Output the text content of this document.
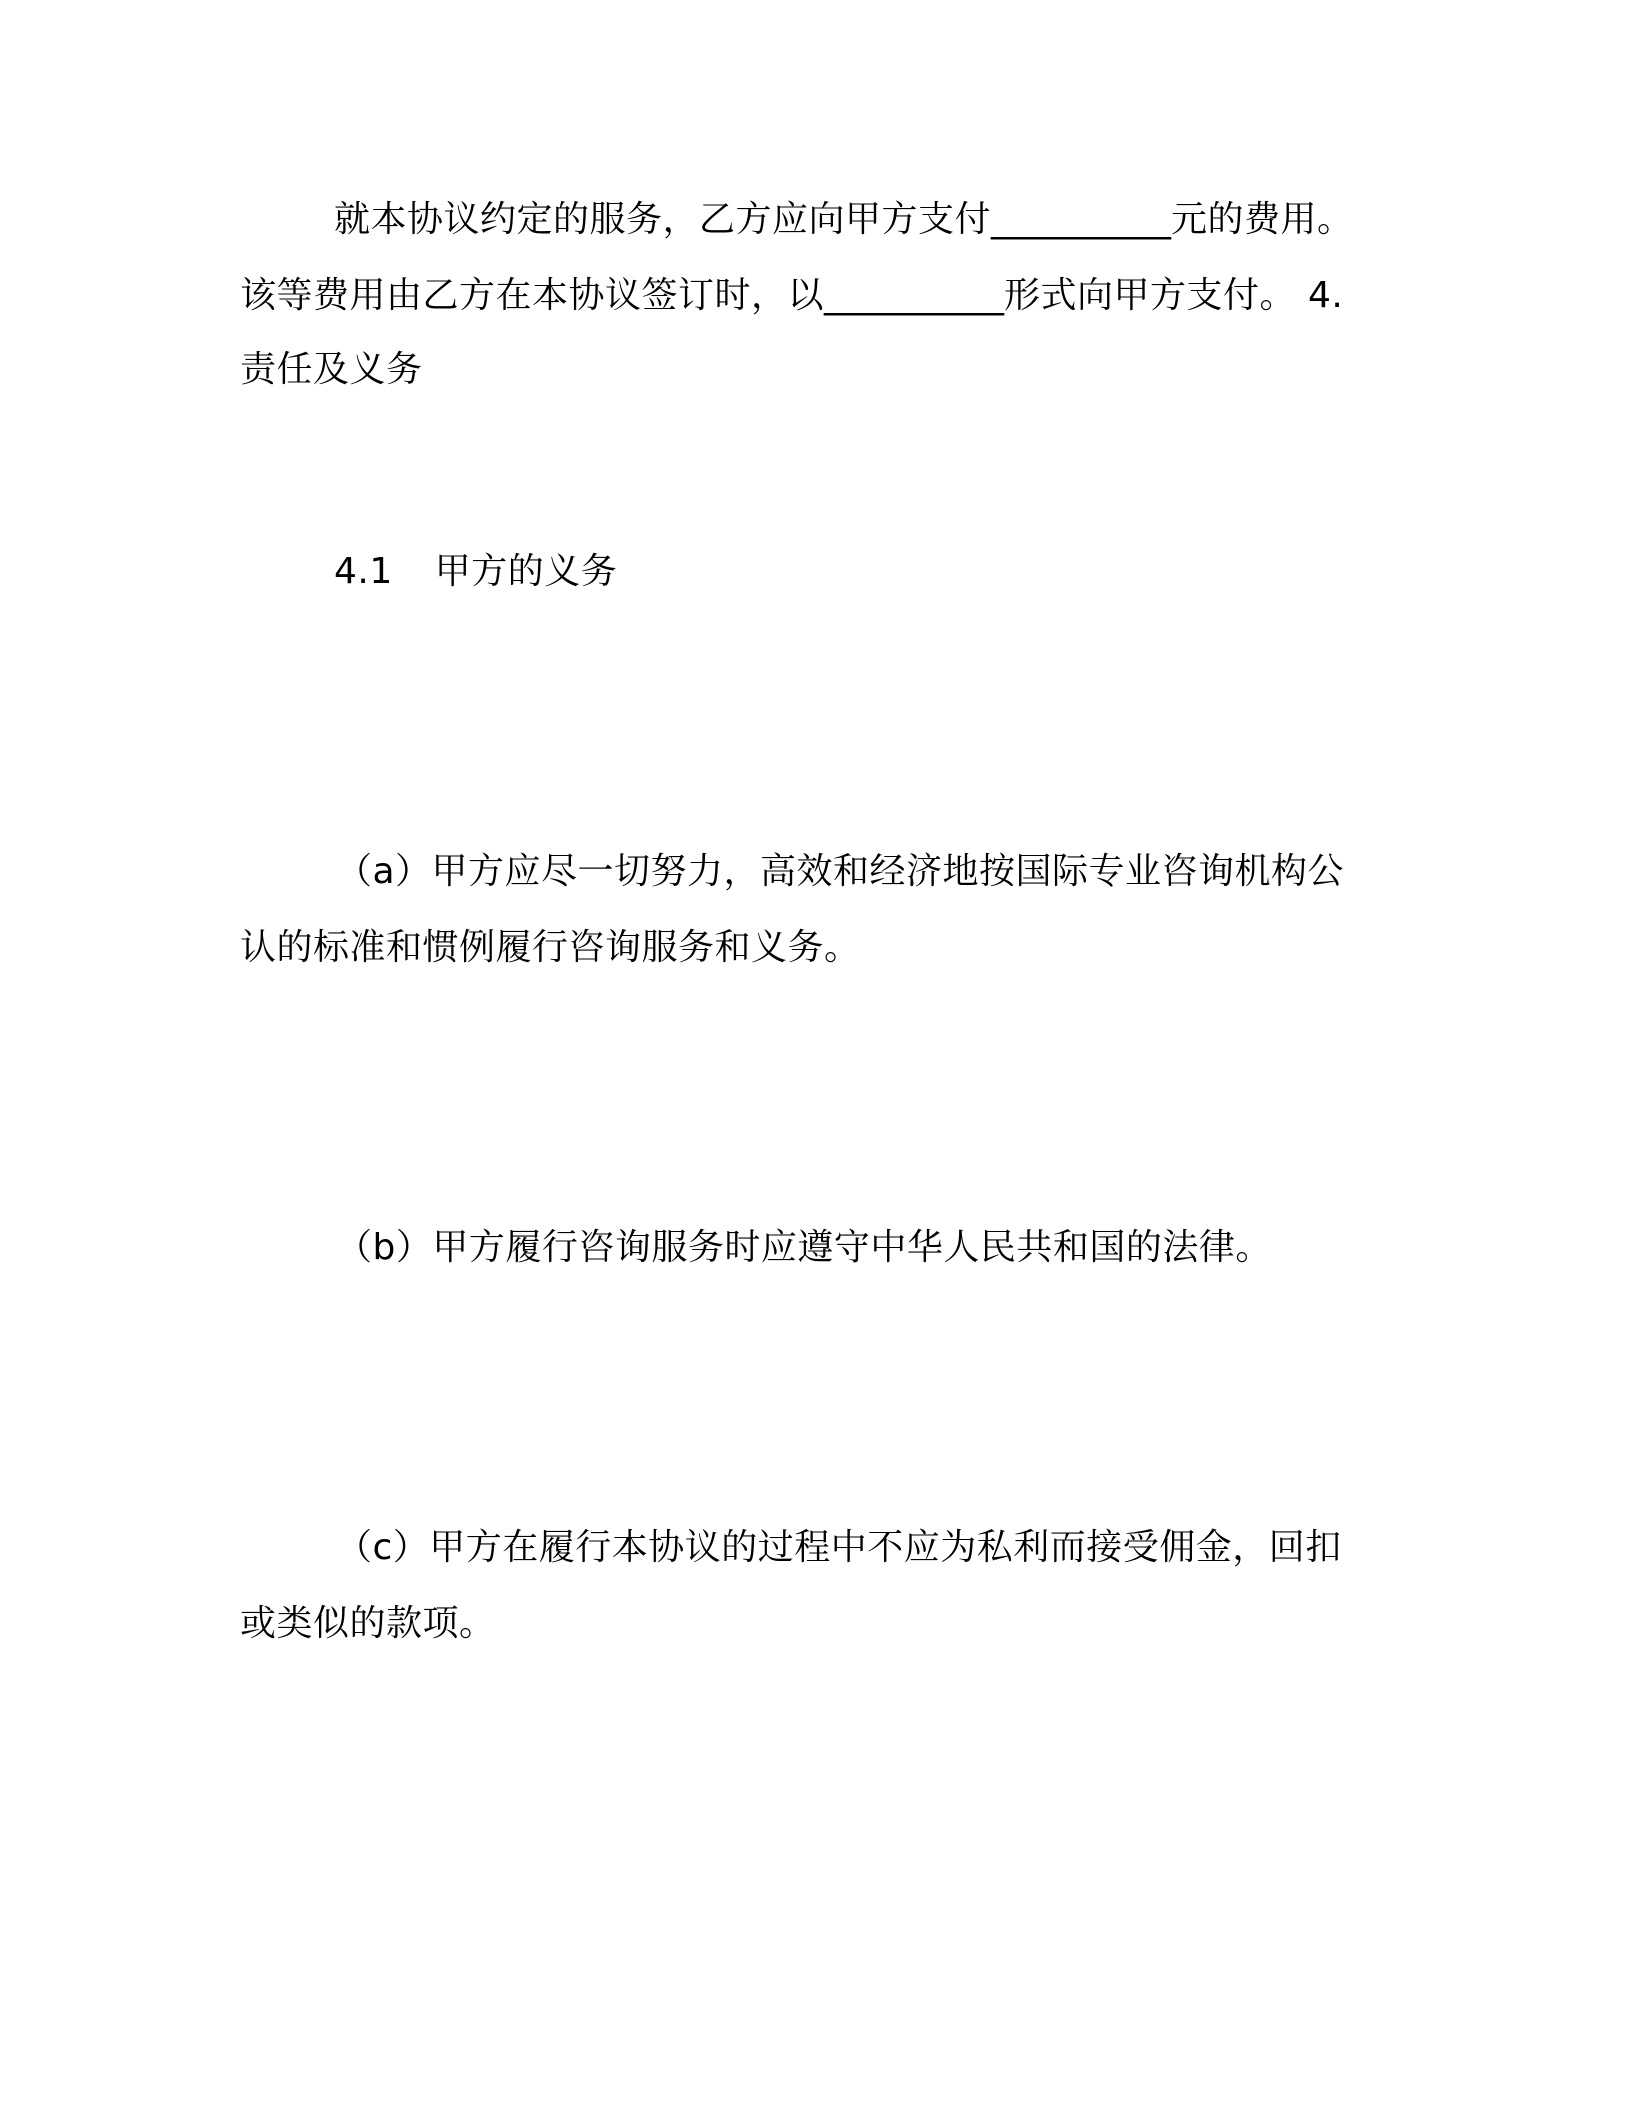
就本协议约定的服务，乙方应向甲方支付__________元的费用。
该等费用由乙方在本协议签订时，以__________形式向甲方支付。 4.
责任及义务
4.1 甲方的义务
（a）甲方应尽一切努力，高效和经济地按国际专业咨询机构公
认的标准和惯例履行咨询服务和义务。
（b）甲方履行咨询服务时应遵守中华人民共和国的法律。
（c）甲方在履行本协议的过程中不应为私利而接受佣金，回扣
或类似的款项。
